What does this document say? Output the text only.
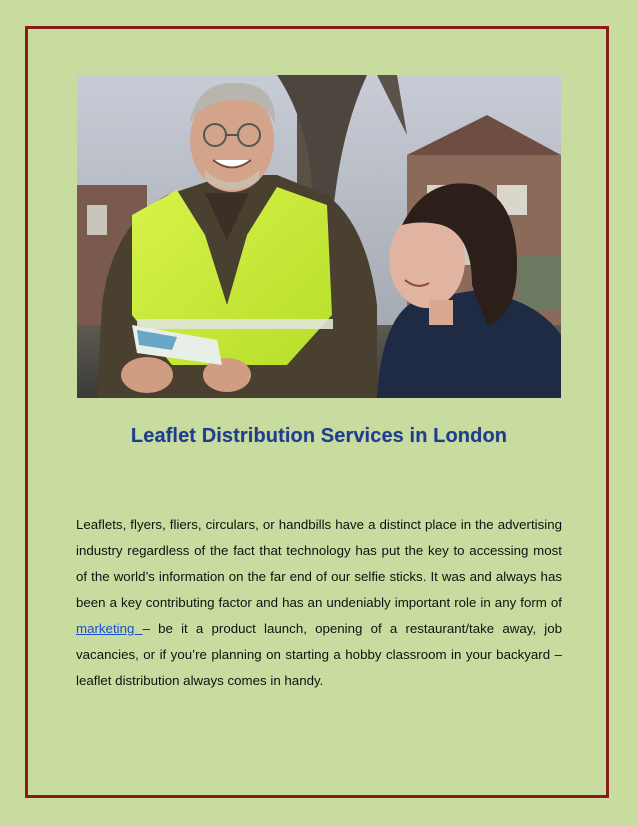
Leaflet Distribution Services in London

Leaflets, flyers, fliers, circulars, or handbills have a distinct place in the advertising industry regardless of the fact that technology has put the key to accessing most of the world’s information on the far end of our selfie sticks. It was and always has been a key contributing factor and has an undeniably important role in any form of marketing – be it a product launch, opening of a restaurant/take away, job vacancies, or if you’re planning on starting a hobby classroom in your backyard – leaflet distribution always comes in handy.
